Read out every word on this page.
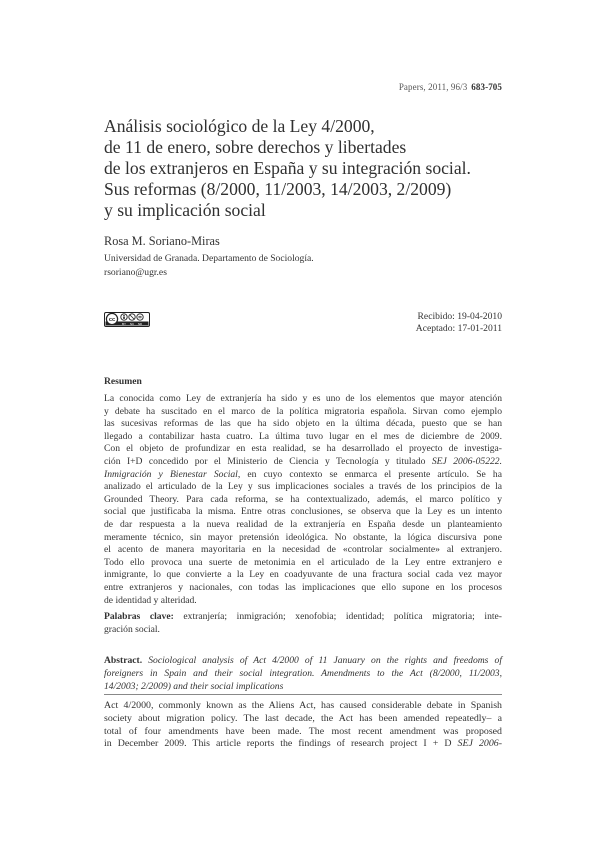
Papers, 2011, 96/3 683-705
Análisis sociológico de la Ley 4/2000,
de 11 de enero, sobre derechos y libertades
de los extranjeros en España y su integración social.
Sus reformas (8/2000, 11/2003, 14/2003, 2/2009)
y su implicación social
Rosa M. Soriano-Miras
Universidad de Granada. Departamento de Sociología.
rsoriano@ugr.es
cc
BY NC ND
Recibido: 19-04-2010
Aceptado: 17-01-2011
Resumen
La conocida como Ley de extranjería ha sido y es uno de los elementos que mayor atención
y debate ha suscitado en el marco de la política migratoria española. Sirvan como ejemplo
las sucesivas reformas de las que ha sido objeto en la última década, puesto que se han
llegado a contabilizar hasta cuatro. La última tuvo lugar en el mes de diciembre de 2009.
Con el objeto de profundizar en esta realidad, se ha desarrollado el proyecto de investiga-
ción I+D concedido por el Ministerio de Ciencia y Tecnología y titulado SEJ 2006-05222.
Inmigración y Bienestar Social, en cuyo contexto se enmarca el presente artículo. Se ha
analizado el articulado de la Ley y sus implicaciones sociales a través de los principios de la
Grounded Theory. Para cada reforma, se ha contextualizado, además, el marco político y
social que justificaba la misma. Entre otras conclusiones, se observa que la Ley es un intento
de dar respuesta a la nueva realidad de la extranjería en España desde un planteamiento
meramente técnico, sin mayor pretensión ideológica. No obstante, la lógica discursiva pone
el acento de manera mayoritaria en la necesidad de «controlar socialmente» al extranjero.
Todo ello provoca una suerte de metonimia en el articulado de la Ley entre extranjero e
inmigrante, lo que convierte a la Ley en coadyuvante de una fractura social cada vez mayor
entre extranjeros y nacionales, con todas las implicaciones que ello supone en los procesos
de identidad y alteridad.
Palabras clave: extranjería; inmigración; xenofobia; identidad; política migratoria; inte-
gración social.
Abstract. Sociological analysis of Act 4/2000 of 11 January on the rights and freedoms of
foreigners in Spain and their social integration. Amendments to the Act (8/2000, 11/2003,
14/2003; 2/2009) and their social implications
Act 4/2000, commonly known as the Aliens Act, has caused considerable debate in Spanish
society about migration policy. The last decade, the Act has been amended repeatedly– a
total of four amendments have been made. The most recent amendment was proposed
in December 2009. This article reports the findings of research project I + D SEJ 2006-
